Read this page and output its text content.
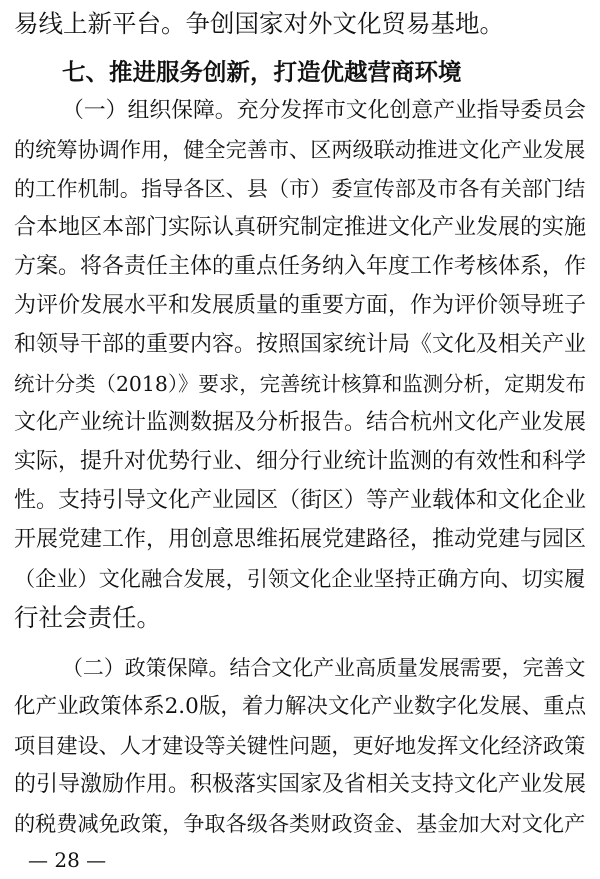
易线上新平台。争创国家对外文化贸易基地。
七、推进服务创新，打造优越营商环境
（一）组织保障。充分发挥市文化创意产业指导委员会
的统筹协调作用，健全完善市、区两级联动推进文化产业发展
的工作机制。指导各区、县（市）委宣传部及市各有关部门结
合本地区本部门实际认真研究制定推进文化产业发展的实施
方案。将各责任主体的重点任务纳入年度工作考核体系，作
为评价发展水平和发展质量的重要方面，作为评价领导班子
和领导干部的重要内容。按照国家统计局《文化及相关产业
统计分类（2018）》要求，完善统计核算和监测分析，定期发布
文化产业统计监测数据及分析报告。结合杭州文化产业发展
实际，提升对优势行业、细分行业统计监测的有效性和科学
性。支持引导文化产业园区（街区）等产业载体和文化企业
开展党建工作，用创意思维拓展党建路径，推动党建与园区
（企业）文化融合发展，引领文化企业坚持正确方向、切实履
行社会责任。
（二）政策保障。结合文化产业高质量发展需要，完善文
化产业政策体系2.0版，着力解决文化产业数字化发展、重点
项目建设、人才建设等关键性问题，更好地发挥文化经济政策
的引导激励作用。积极落实国家及省相关支持文化产业发展
的税费减免政策，争取各级各类财政资金、基金加大对文化产
— 28 —
